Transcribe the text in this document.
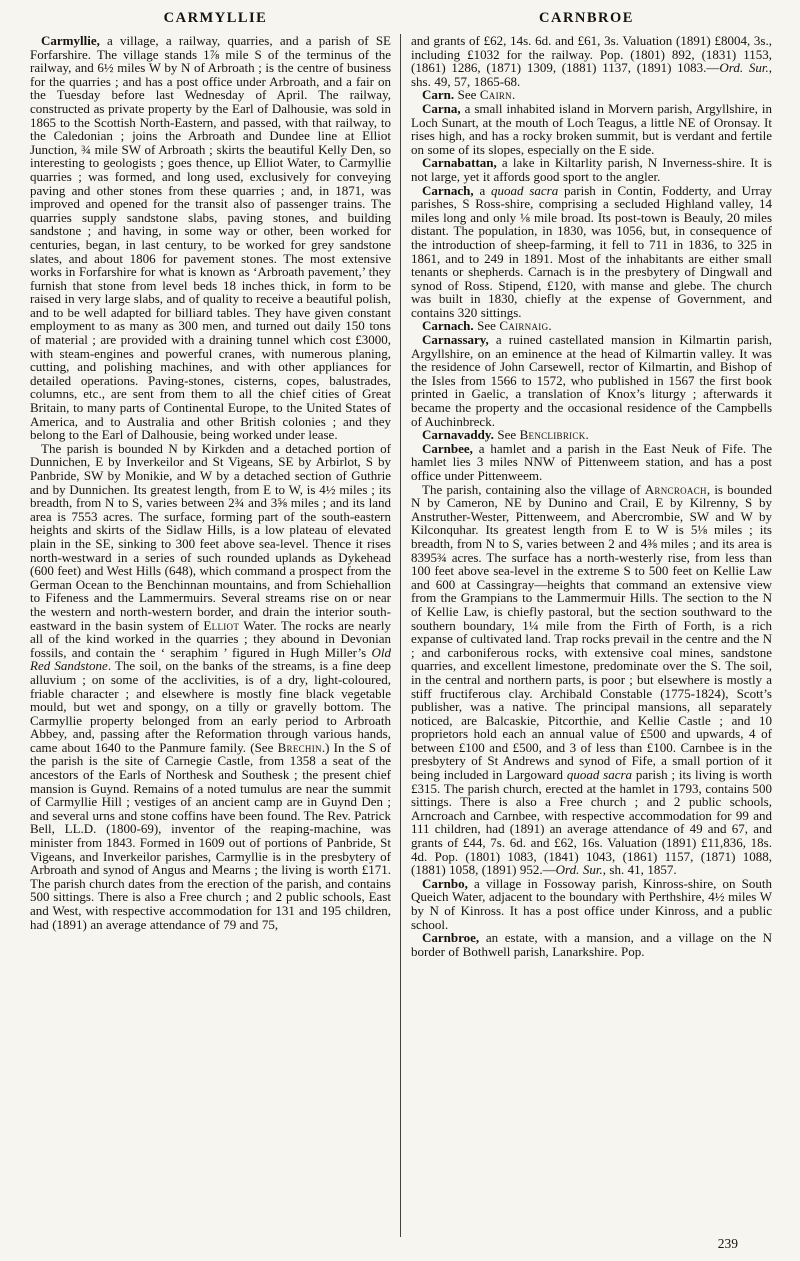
CARMYLLIE	CARNBROE

Carmyllie, a village, a railway, quarries, and a parish of SE Forfarshire. The village stands 1⅞ mile S of the terminus of the railway, and 6½ miles W by N of Arbroath ; is the centre of business for the quarries ; and has a post office under Arbroath, and a fair on the Tuesday before last Wednesday of April. The railway, constructed as private property by the Earl of Dalhousie, was sold in 1865 to the Scottish North-Eastern, and passed, with that railway, to the Caledonian ; joins the Arbroath and Dundee line at Elliot Junction, ¾ mile SW of Arbroath ; skirts the beautiful Kelly Den, so interesting to geologists ; goes thence, up Elliot Water, to Carmyllie quarries ; was formed, and long used, exclusively for conveying paving and other stones from these quarries ; and, in 1871, was improved and opened for the transit also of passenger trains. The quarries supply sandstone slabs, paving stones, and building sandstone ; and having, in some way or other, been worked for centuries, began, in last century, to be worked for grey sandstone slates, and about 1806 for pavement stones. The most extensive works in Forfarshire for what is known as ‘Arbroath pavement,’ they furnish that stone from level beds 18 inches thick, in form to be raised in very large slabs, and of quality to receive a beautiful polish, and to be well adapted for billiard tables. They have given constant employment to as many as 300 men, and turned out daily 150 tons of material ; are provided with a draining tunnel which cost £3000, with steam-engines and powerful cranes, with numerous planing, cutting, and polishing machines, and with other appliances for detailed operations. Paving-stones, cisterns, copes, balustrades, columns, etc., are sent from them to all the chief cities of Great Britain, to many parts of Continental Europe, to the United States of America, and to Australia and other British colonies ; and they belong to the Earl of Dalhousie, being worked under lease.

The parish is bounded N by Kirkden and a detached portion of Dunnichen, E by Inverkeilor and St Vigeans, SE by Arbirlot, S by Panbride, SW by Monikie, and W by a detached section of Guthrie and by Dunnichen. Its greatest length, from E to W, is 4½ miles ; its breadth, from N to S, varies between 2¾ and 3⅝ miles ; and its land area is 7553 acres. The surface, forming part of the south-eastern heights and skirts of the Sidlaw Hills, is a low plateau of elevated plain in the SE, sinking to 300 feet above sea-level. Thence it rises north-westward in a series of such rounded uplands as Dykehead (600 feet) and West Hills (648), which command a prospect from the German Ocean to the Benchinnan mountains, and from Schiehallion to Fifeness and the Lammermuirs. Several streams rise on or near the western and north-western border, and drain the interior south-eastward in the basin system of Elliot Water. The rocks are nearly all of the kind worked in the quarries ; they abound in Devonian fossils, and contain the ‘ seraphim ’ figured in Hugh Miller’s Old Red Sandstone. The soil, on the banks of the streams, is a fine deep alluvium ; on some of the acclivities, is of a dry, light-coloured, friable character ; and elsewhere is mostly fine black vegetable mould, but wet and spongy, on a tilly or gravelly bottom. The Carmyllie property belonged from an early period to Arbroath Abbey, and, passing after the Reformation through various hands, came about 1640 to the Panmure family. (See Brechin.) In the S of the parish is the site of Carnegie Castle, from 1358 a seat of the ancestors of the Earls of Northesk and Southesk ; the present chief mansion is Guynd. Remains of a noted tumulus are near the summit of Carmyllie Hill ; vestiges of an ancient camp are in Guynd Den ; and several urns and stone coffins have been found. The Rev. Patrick Bell, LL.D. (1800-69), inventor of the reaping-machine, was minister from 1843. Formed in 1609 out of portions of Panbride, St Vigeans, and Inverkeilor parishes, Carmyllie is in the presbytery of Arbroath and synod of Angus and Mearns ; the living is worth £171. The parish church dates from the erection of the parish, and contains 500 sittings. There is also a Free church ; and 2 public schools, East and West, with respective accommodation for 131 and 195 children, had (1891) an average attendance of 79 and 75,

and grants of £62, 14s. 6d. and £61, 3s. Valuation (1891) £8004, 3s., including £1032 for the railway. Pop. (1801) 892, (1831) 1153, (1861) 1286, (1871) 1309, (1881) 1137, (1891) 1083.—Ord. Sur., shs. 49, 57, 1865-68.

Carn. See Cairn.

Carna, a small inhabited island in Morvern parish, Argyllshire, in Loch Sunart, at the mouth of Loch Teagus, a little NE of Oronsay. It rises high, and has a rocky broken summit, but is verdant and fertile on some of its slopes, especially on the E side.

Carnabattan, a lake in Kiltarlity parish, N Inverness-shire. It is not large, yet it affords good sport to the angler.

Carnach, a quoad sacra parish in Contin, Fodderty, and Urray parishes, S Ross-shire, comprising a secluded Highland valley, 14 miles long and only ⅛ mile broad. Its post-town is Beauly, 20 miles distant. The population, in 1830, was 1056, but, in consequence of the introduction of sheep-farming, it fell to 711 in 1836, to 325 in 1861, and to 249 in 1891. Most of the inhabitants are either small tenants or shepherds. Carnach is in the presbytery of Dingwall and synod of Ross. Stipend, £120, with manse and glebe. The church was built in 1830, chiefly at the expense of Government, and contains 320 sittings.

Carnach. See Cairnaig.

Carnassary, a ruined castellated mansion in Kilmartin parish, Argyllshire, on an eminence at the head of Kilmartin valley. It was the residence of John Carsewell, rector of Kilmartin, and Bishop of the Isles from 1566 to 1572, who published in 1567 the first book printed in Gaelic, a translation of Knox’s liturgy ; afterwards it became the property and the occasional residence of the Campbells of Auchinbreck.

Carnavaddy. See Benclibrick.

Carnbee, a hamlet and a parish in the East Neuk of Fife. The hamlet lies 3 miles NNW of Pittenweem station, and has a post office under Pittenweem.

The parish, containing also the village of Arncroach, is bounded N by Cameron, NE by Dunino and Crail, E by Kilrenny, S by Anstruther-Wester, Pittenweem, and Abercrombie, SW and W by Kilconquhar. Its greatest length from E to W is 5⅛ miles ; its breadth, from N to S, varies between 2 and 4⅜ miles ; and its area is 8395¾ acres. The surface has a north-westerly rise, from less than 100 feet above sea-level in the extreme S to 500 feet on Kellie Law and 600 at Cassingray—heights that command an extensive view from the Grampians to the Lammermuir Hills. The section to the N of Kellie Law, is chiefly pastoral, but the section southward to the southern boundary, 1¼ mile from the Firth of Forth, is a rich expanse of cultivated land. Trap rocks prevail in the centre and the N ; and carboniferous rocks, with extensive coal mines, sandstone quarries, and excellent limestone, predominate over the S. The soil, in the central and northern parts, is poor ; but elsewhere is mostly a stiff fructiferous clay. Archibald Constable (1775-1824), Scott’s publisher, was a native. The principal mansions, all separately noticed, are Balcaskie, Pitcorthie, and Kellie Castle ; and 10 proprietors hold each an annual value of £500 and upwards, 4 of between £100 and £500, and 3 of less than £100. Carnbee is in the presbytery of St Andrews and synod of Fife, a small portion of it being included in Largoward quoad sacra parish ; its living is worth £315. The parish church, erected at the hamlet in 1793, contains 500 sittings. There is also a Free church ; and 2 public schools, Arncroach and Carnbee, with respective accommodation for 99 and 111 children, had (1891) an average attendance of 49 and 67, and grants of £44, 7s. 6d. and £62, 16s. Valuation (1891) £11,836, 18s. 4d. Pop. (1801) 1083, (1841) 1043, (1861) 1157, (1871) 1088, (1881) 1058, (1891) 952.—Ord. Sur., sh. 41, 1857.

Carnbo, a village in Fossoway parish, Kinross-shire, on South Queich Water, adjacent to the boundary with Perthshire, 4½ miles W by N of Kinross. It has a post office under Kinross, and a public school.

Carnbroe, an estate, with a mansion, and a village on the N border of Bothwell parish, Lanarkshire. Pop.

239
